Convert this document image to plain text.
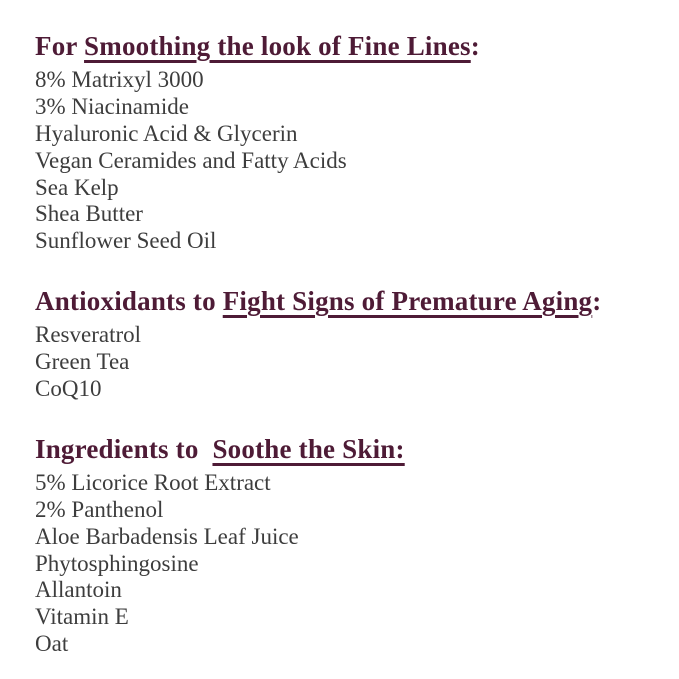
For Smoothing the look of Fine Lines:
8% Matrixyl 3000
3% Niacinamide
Hyaluronic Acid & Glycerin
Vegan Ceramides and Fatty Acids
Sea Kelp
Shea Butter
Sunflower Seed Oil
Antioxidants to Fight Signs of Premature Aging:
Resveratrol
Green Tea
CoQ10
Ingredients to  Soothe the Skin:
5% Licorice Root Extract
2% Panthenol
Aloe Barbadensis Leaf Juice
Phytosphingosine
Allantoin
Vitamin E
Oat
